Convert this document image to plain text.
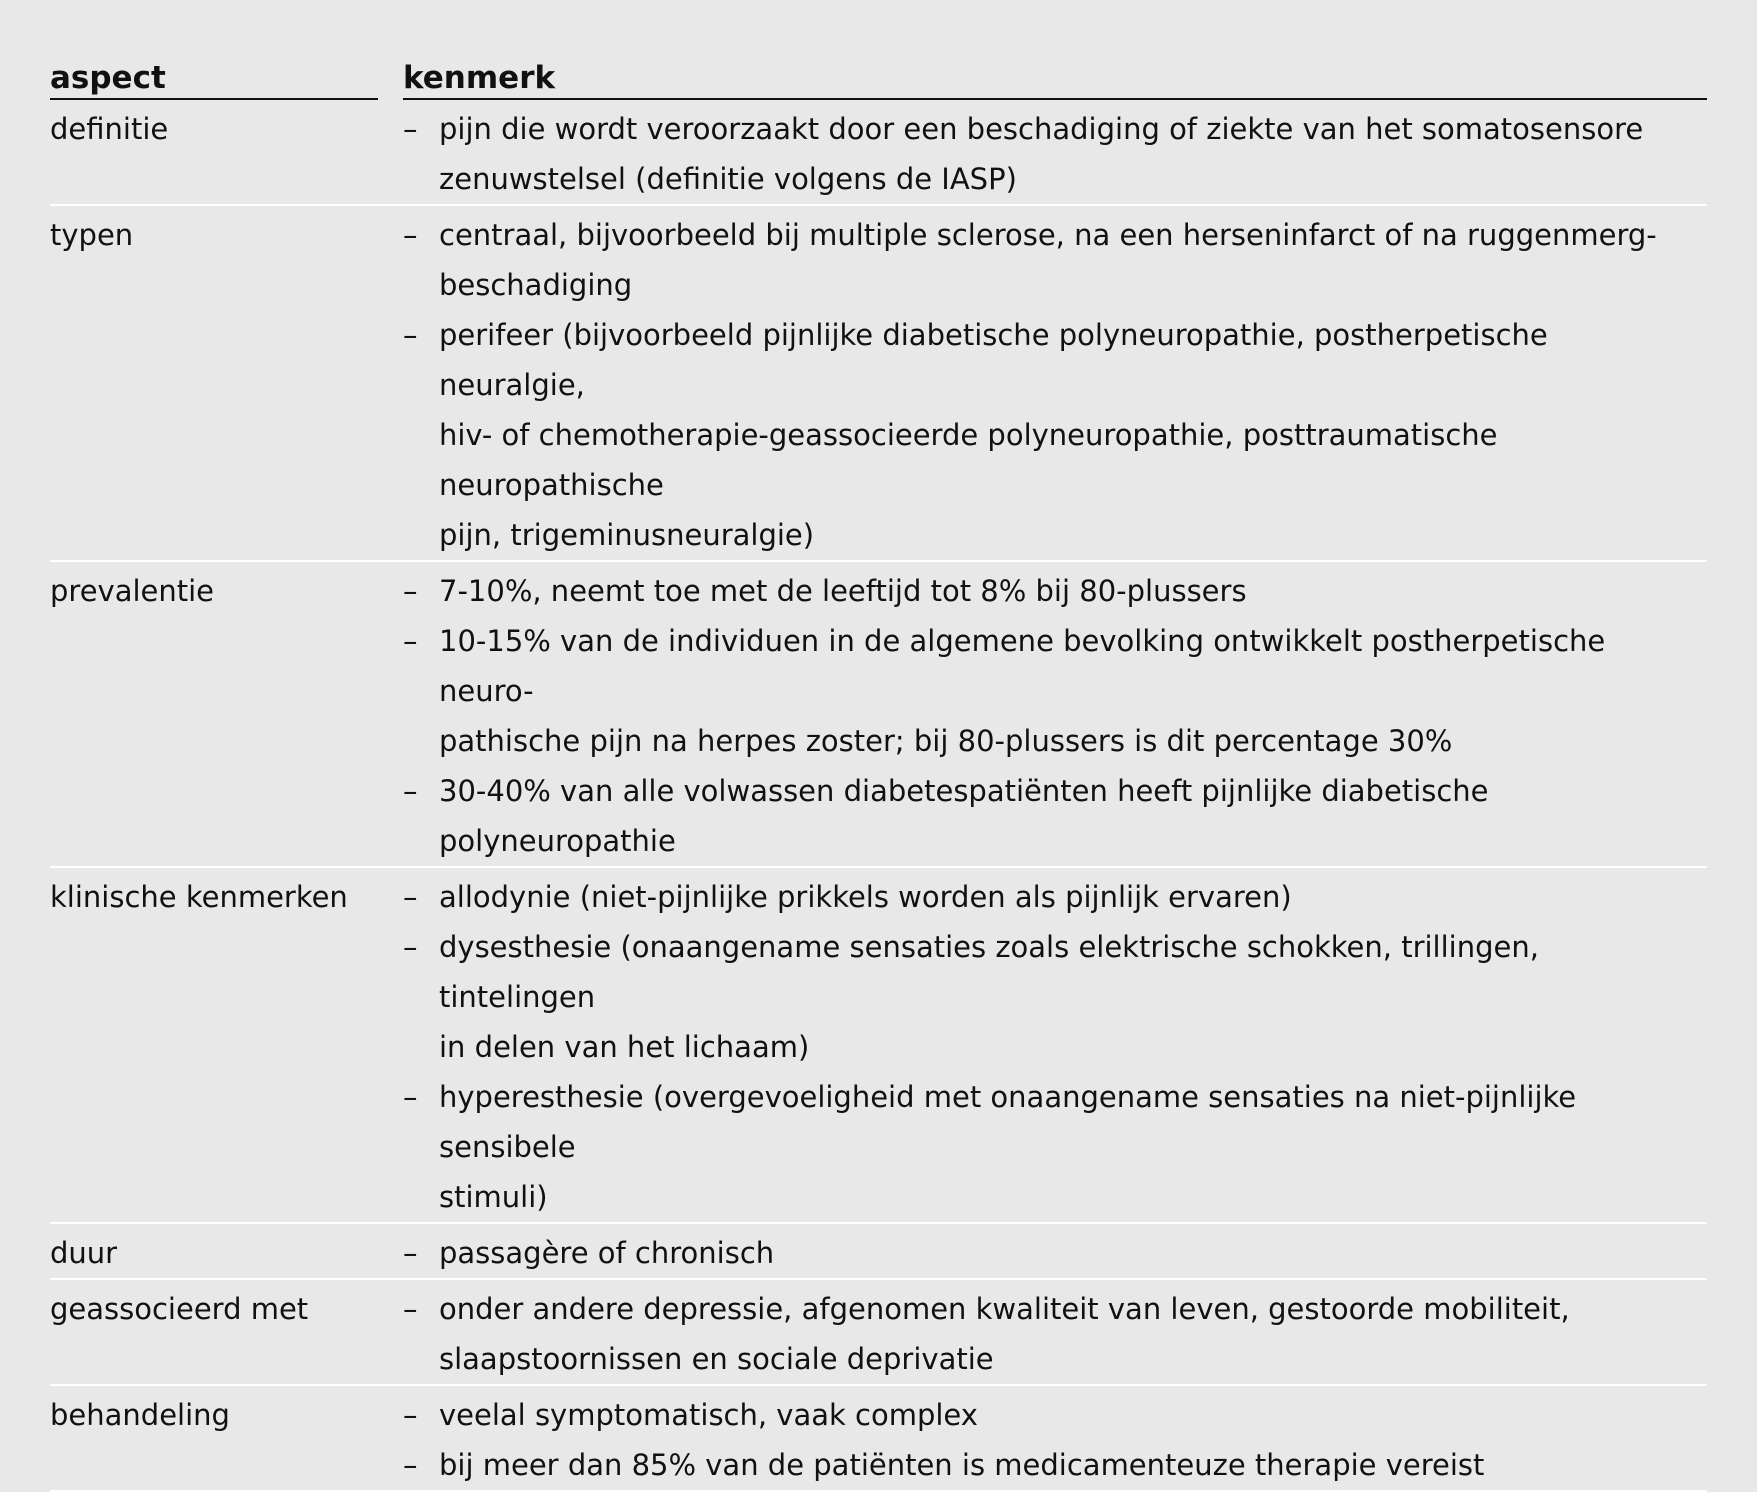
aspect	kenmerk
definitie	– pijn die wordt veroorzaakt door een beschadiging of ziekte van het somatosensore
zenuwstelsel (definitie volgens de IASP)
typen	– centraal, bijvoorbeeld bij multiple sclerose, na een herseninfarct of na ruggenmerg-
beschadiging
– perifeer (bijvoorbeeld pijnlijke diabetische polyneuropathie, postherpetische neuralgie,
hiv- of chemotherapie-geassocieerde polyneuropathie, posttraumatische neuropathische
pijn, trigeminusneuralgie)
prevalentie	– 7-10%, neemt toe met de leeftijd tot 8% bij 80-plussers
– 10-15% van de individuen in de algemene bevolking ontwikkelt postherpetische neuro-
pathische pijn na herpes zoster; bij 80-plussers is dit percentage 30%
– 30-40% van alle volwassen diabetespatiënten heeft pijnlijke diabetische polyneuropathie
klinische kenmerken	– allodynie (niet-pijnlijke prikkels worden als pijnlijk ervaren)
– dysesthesie (onaangename sensaties zoals elektrische schokken, trillingen, tintelingen
in delen van het lichaam)
– hyperesthesie (overgevoeligheid met onaangename sensaties na niet-pijnlijke sensibele
stimuli)
duur	– passagère of chronisch
geassocieerd met	– onder andere depressie, afgenomen kwaliteit van leven, gestoorde mobiliteit,
slaapstoornissen en sociale deprivatie
behandeling	– veelal symptomatisch, vaak complex
– bij meer dan 85% van de patiënten is medicamenteuze therapie vereist
